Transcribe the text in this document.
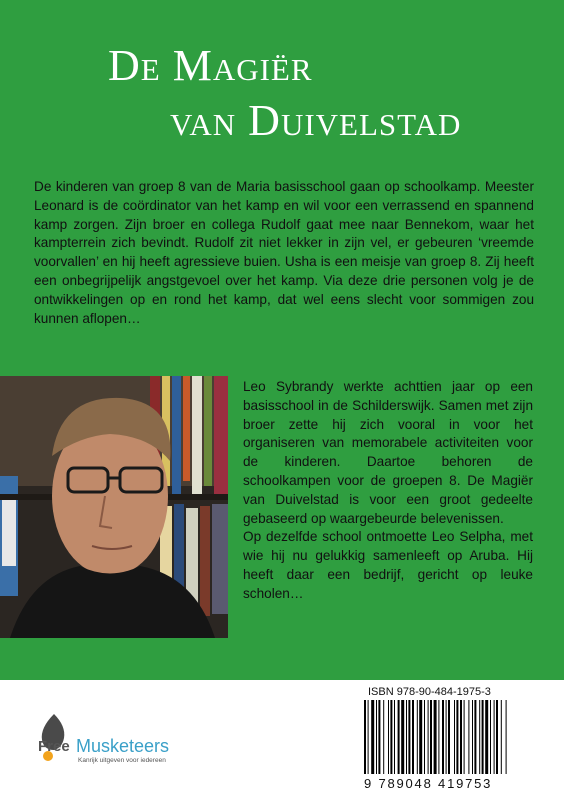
De Magiër
van Duivelstad

De kinderen van groep 8 van de Maria basisschool gaan op schoolkamp. Meester Leonard is de coördinator van het kamp en wil voor een verrassend en spannend kamp zorgen. Zijn broer en collega Rudolf gaat mee naar Bennekom, waar het kampterrein zich bevindt. Rudolf zit niet lekker in zijn vel, er gebeuren ‘vreemde voorvallen’ en hij heeft agressieve buien. Usha is een meisje van groep 8. Zij heeft een onbegrijpelijk angstgevoel over het kamp. Via deze drie personen volg je de ontwikkelingen op en rond het kamp, dat wel eens slecht voor sommigen zou kunnen aflopen…

Leo Sybrandy werkte achttien jaar op een basisschool in de Schilderswijk. Samen met zijn broer zette hij zich vooral in voor het organiseren van memorabele activiteiten voor de kinderen. Daartoe behoren de schoolkampen voor de groepen 8. De Magiër van Duivelstad is voor een groot gedeelte gebaseerd op waargebeurde belevenissen.

Op dezelfde school ontmoette Leo Selpha, met wie hij nu gelukkig samenleeft op Aruba. Hij heeft daar een bedrijf, gericht op leuke scholen…

Free Musketeers
Kanrijk uitgeven voor iedereen
ISBN 978-90-484-1975-3
9 789048 419753
